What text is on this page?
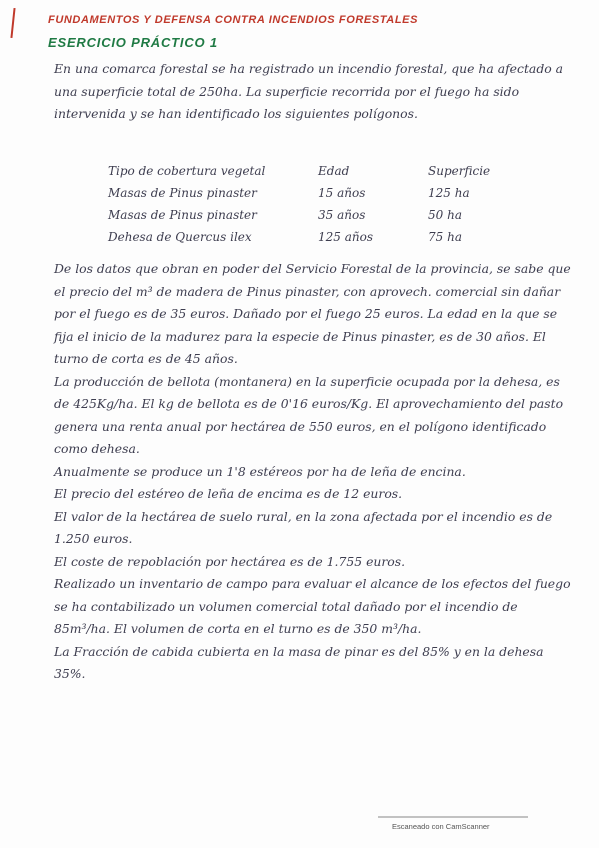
FUNDAMENTOS Y DEFENSA CONTRA INCENDIOS FORESTALES
ESERCICIO PRÁCTICO 1

En una comarca forestal se ha registrado un incendio forestal, que ha afectado a una superficie total de 250ha. La superficie recorrida por el fuego ha sido intervenida y se han identificado los siguientes polígonos.

Tipo de cobertura vegetal	Edad	Superficie
Masas de Pinus pinaster	15 años	125 ha
Masas de Pinus pinaster	35 años	50 ha
Dehesa de Quercus ilex	125 años	75 ha

De los datos que obran en poder del Servicio Forestal de la provincia, se sabe que el precio del m³ de madera de Pinus pinaster, con aprovech. comercial sin dañar por el fuego es de 35 euros. Dañado por el fuego 25 euros. La edad en la que se fija el inicio de la madurez para la especie de Pinus pinaster, es de 30 años. El turno de corta es de 45 años.

La producción de bellota (montanera) en la superficie ocupada por la dehesa, es de 425Kg/ha. El kg de bellota es de 0'16 euros/Kg. El aprovechamiento del pasto genera una renta anual por hectárea de 550 euros, en el polígono identificado como dehesa.

Anualmente se produce un 1'8 estéreos por ha de leña de encina.

El precio del estéreo de leña de encima es de 12 euros.

El valor de la hectárea de suelo rural, en la zona afectada por el incendio es de 1.250 euros.

El coste de repoblación por hectárea es de 1.755 euros.

Realizado un inventario de campo para evaluar el alcance de los efectos del fuego se ha contabilizado un volumen comercial total dañado por el incendio de 85m³/ha. El volumen de corta en el turno es de 350 m³/ha.

La Fracción de cabida cubierta en la masa de pinar es del 85% y en la dehesa 35%.

Escaneado con CamScanner
